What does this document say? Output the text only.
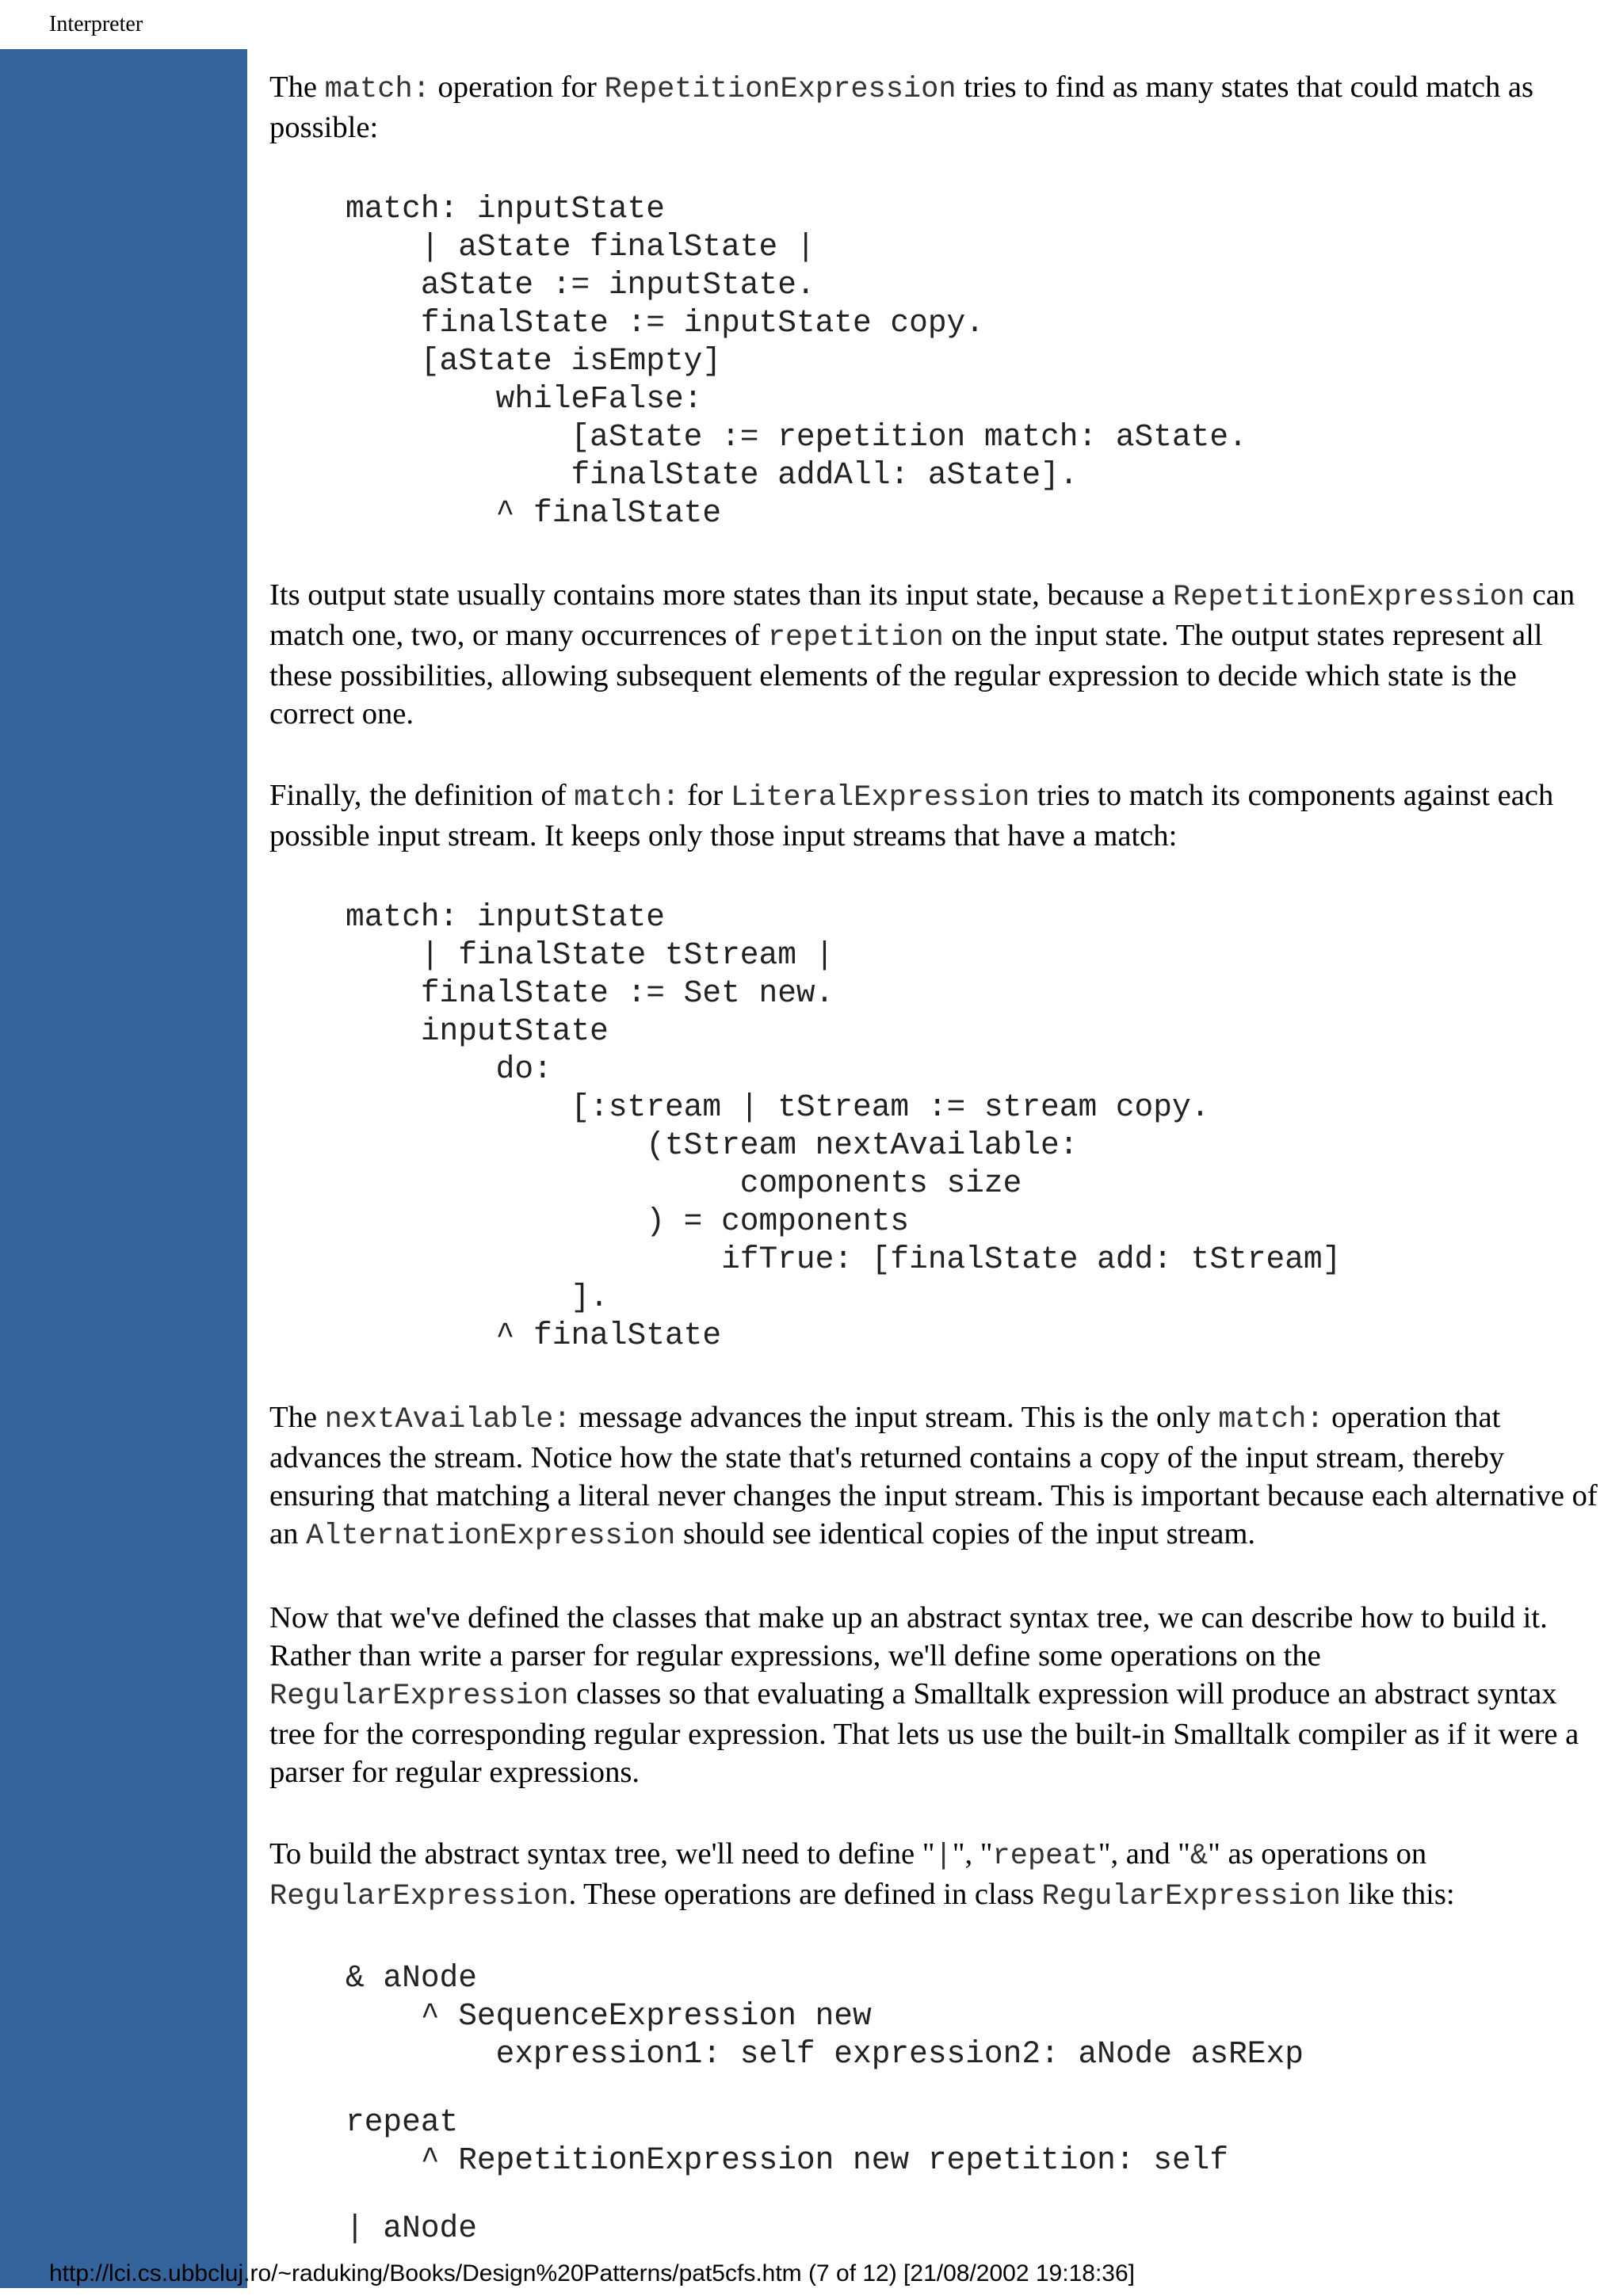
Interpreter

The match: operation for RepetitionExpression tries to find as many states that could match as possible:

match: inputState
| aState finalState |
aState := inputState.
finalState := inputState copy.
[aState isEmpty]
whileFalse:
[aState := repetition match: aState.
finalState addAll: aState].
^ finalState

Its output state usually contains more states than its input state, because a RepetitionExpression can match one, two, or many occurrences of repetition on the input state. The output states represent all these possibilities, allowing subsequent elements of the regular expression to decide which state is the correct one.

Finally, the definition of match: for LiteralExpression tries to match its components against each possible input stream. It keeps only those input streams that have a match:

match: inputState
| finalState tStream |
finalState := Set new.
inputState
do:
[:stream | tStream := stream copy.
(tStream nextAvailable:
components size
) = components
ifTrue: [finalState add: tStream]
].
^ finalState

The nextAvailable: message advances the input stream. This is the only match: operation that advances the stream. Notice how the state that's returned contains a copy of the input stream, thereby ensuring that matching a literal never changes the input stream. This is important because each alternative of an AlternationExpression should see identical copies of the input stream.

Now that we've defined the classes that make up an abstract syntax tree, we can describe how to build it. Rather than write a parser for regular expressions, we'll define some operations on the RegularExpression classes so that evaluating a Smalltalk expression will produce an abstract syntax tree for the corresponding regular expression. That lets us use the built-in Smalltalk compiler as if it were a parser for regular expressions.

To build the abstract syntax tree, we'll need to define "|", "repeat", and "&" as operations on RegularExpression. These operations are defined in class RegularExpression like this:

& aNode
^ SequenceExpression new
expression1: self expression2: aNode asRExp
repeat
^ RepetitionExpression new repetition: self
| aNode
http://lci.cs.ubbcluj.ro/~raduking/Books/Design%20Patterns/pat5cfs.htm (7 of 12) [21/08/2002 19:18:36]
